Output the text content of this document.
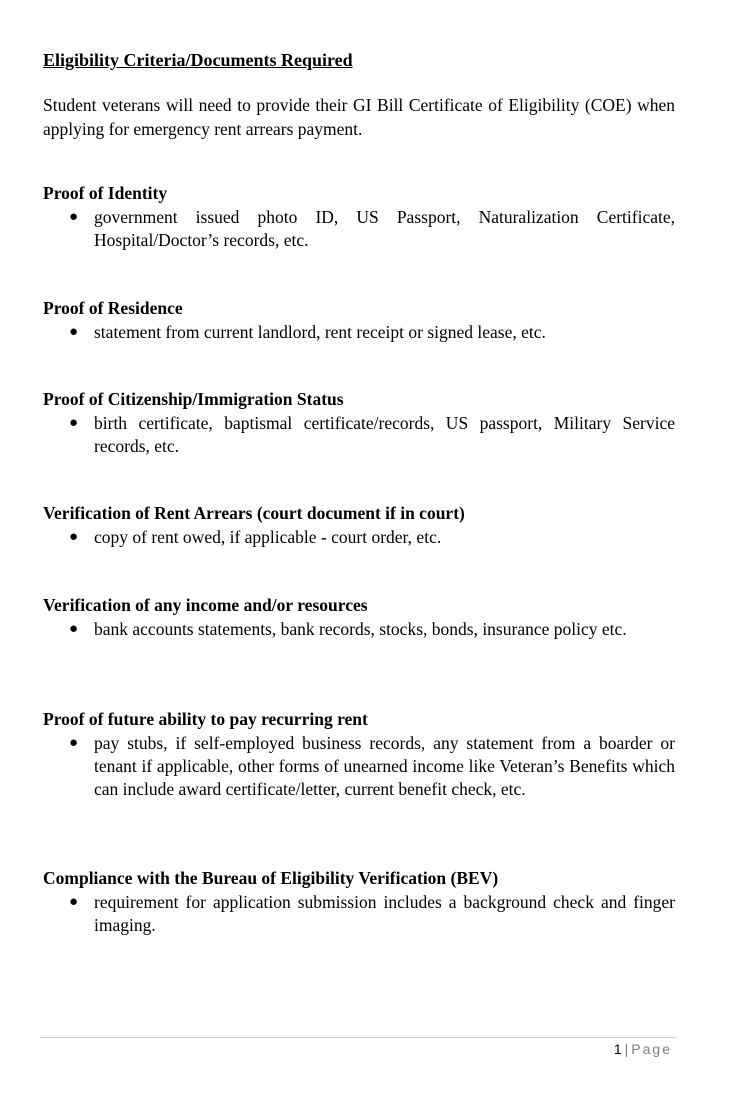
Eligibility Criteria/Documents Required

Student veterans will need to provide their GI Bill Certificate of Eligibility (COE) when applying for emergency rent arrears payment.

Proof of Identity
● government issued photo ID, US Passport, Naturalization Certificate, Hospital/Doctor’s records, etc.
Proof of Residence
● statement from current landlord, rent receipt or signed lease, etc.
Proof of Citizenship/Immigration Status
● birth certificate, baptismal certificate/records, US passport, Military Service records, etc.
Verification of Rent Arrears (court document if in court)
● copy of rent owed, if applicable - court order, etc.
Verification of any income and/or resources
● bank accounts statements, bank records, stocks, bonds, insurance policy etc.
Proof of future ability to pay recurring rent
● pay stubs, if self-employed business records, any statement from a boarder or tenant if applicable, other forms of unearned income like Veteran’s Benefits which can include award certificate/letter, current benefit check, etc.
Compliance with the Bureau of Eligibility Verification (BEV)
● requirement for application submission includes a background check and finger imaging.
1 | Page
